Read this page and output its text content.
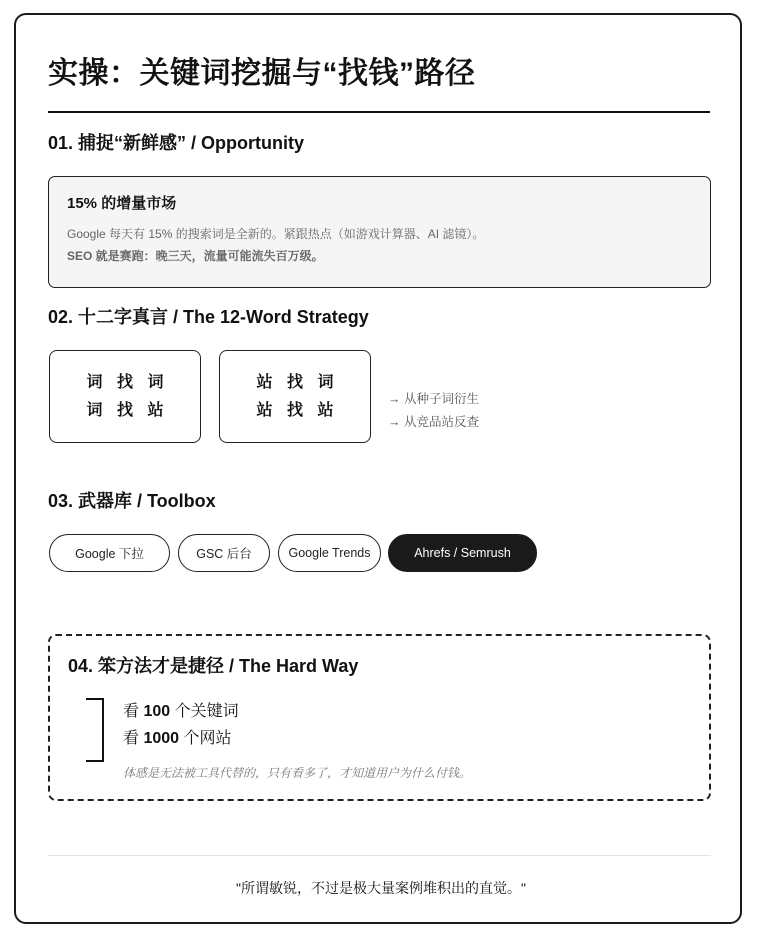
实操：关键词挖掘与“找钱”路径
01. 捕捉“新鲜感” / Opportunity
15% 的增量市场
Google 每天有 15% 的搜索词是全新的。紧跟热点（如游戏计算器、AI 滤镜）。
SEO 就是赛跑：晚三天，流量可能流失百万级。
02. 十二字真言 / The 12-Word Strategy
词 找 词
词 找 站
站 找 词
站 找 站
→ 从种子词衍生
→ 从竞品站反查
03. 武器库 / Toolbox
Google 下拉	GSC 后台	Google Trends	Ahrefs / Semrush
04. 笨方法才是捷径 / The Hard Way
看 100 个关键词
看 1000 个网站
体感是无法被工具代替的，只有看多了，才知道用户为什么付钱。
"所谓敏锐，不过是极大量案例堆积出的直觉。"
